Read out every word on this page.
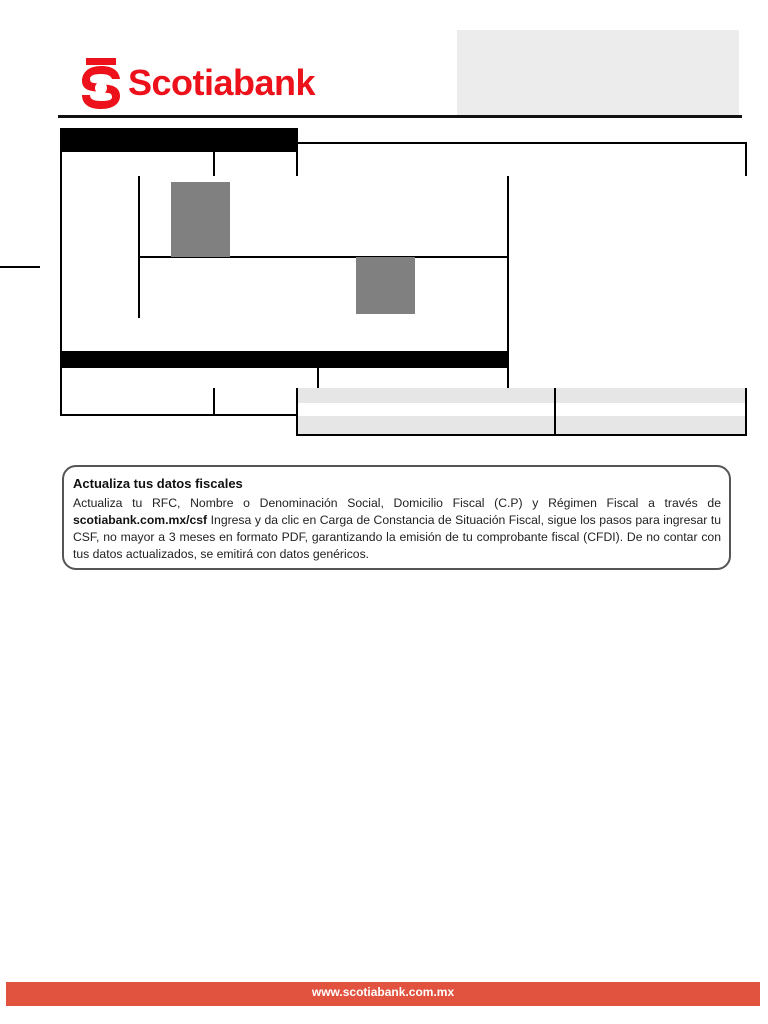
Scotiabank
Actualiza tus datos fiscales
Actualiza tu RFC, Nombre o Denominación Social, Domicilio Fiscal (C.P) y Régimen Fiscal a través de scotiabank.com.mx/csf Ingresa y da clic en Carga de Constancia de Situación Fiscal, sigue los pasos para ingresar tu CSF, no mayor a 3 meses en formato PDF, garantizando la emisión de tu comprobante fiscal (CFDI). De no contar con tus datos actualizados, se emitirá con datos genéricos.
www.scotiabank.com.mx
